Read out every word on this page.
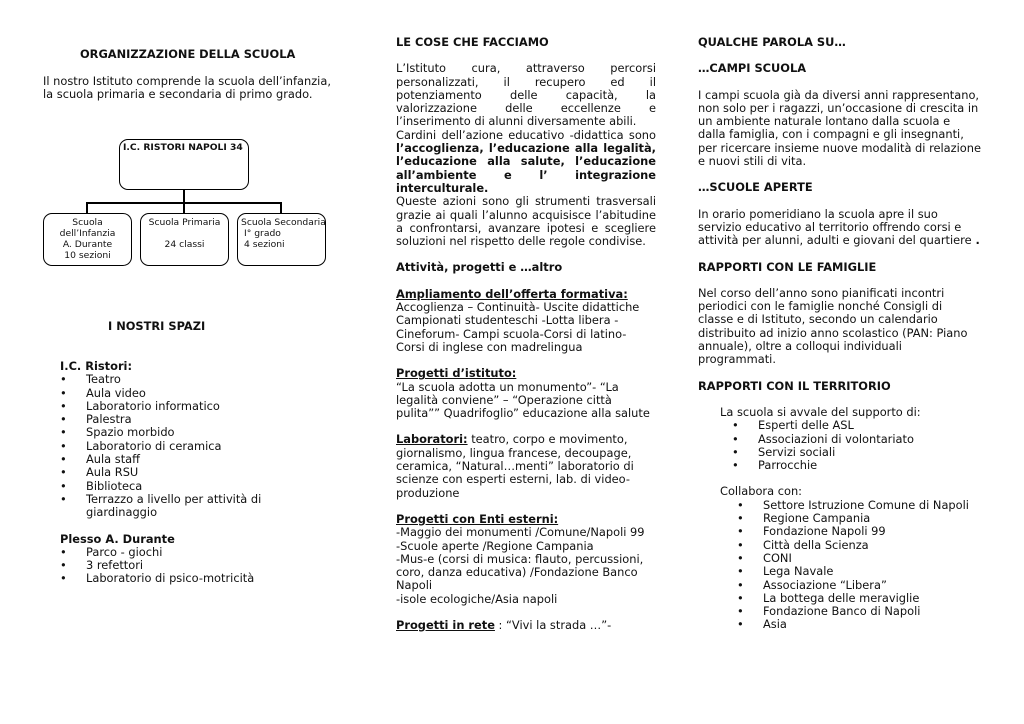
ORGANIZZAZIONE DELLA SCUOLA

Il nostro Istituto comprende la scuola dell’infanzia, la scuola primaria e secondaria di primo grado.

I.C. RISTORI NAPOLI 34
Scuola
dell’Infanzia
A. Durante
10 sezioni
Scuola Primaria
24 classi
Scuola Secondaria
I° grado
4 sezioni

I NOSTRI SPAZI

I.C. Ristori:

• Teatro
• Aula video
• Laboratorio informatico
• Palestra
• Spazio morbido
• Laboratorio di ceramica
• Aula staff
• Aula RSU
• Biblioteca
• Terrazzo a livello per attività di giardinaggio

Plesso A. Durante

• Parco - giochi
• 3 refettori
• Laboratorio di psico-motricità

LE COSE CHE FACCIAMO

L’Istituto cura, attraverso percorsi personalizzati, il recupero ed il potenziamento delle capacità, la valorizzazione delle eccellenze e l’inserimento di alunni diversamente abili.

Cardini dell’azione educativo -didattica sono l’accoglienza, l’educazione alla legalità, l’educazione alla salute, l’educazione all’ambiente e l’ integrazione interculturale.

Queste azioni sono gli strumenti trasversali grazie ai quali l’alunno acquisisce l’abitudine a confrontarsi, avanzare ipotesi e scegliere soluzioni nel rispetto delle regole condivise.

Attività, progetti e …altro

Ampliamento dell’offerta formativa:

Accoglienza – Continuità- Uscite didattiche Campionati studenteschi -Lotta libera - Cineforum- Campi scuola-Corsi di latino- Corsi di inglese con madrelingua

Progetti d’istituto:

“La scuola adotta un monumento”- “La legalità conviene” – “Operazione città pulita”” Quadrifoglio” educazione alla salute

Laboratori: teatro, corpo e movimento, giornalismo, lingua francese, decoupage, ceramica, “Natural…menti” laboratorio di scienze con esperti esterni, lab. di video-produzione

Progetti con Enti esterni:

-Maggio dei monumenti /Comune/Napoli 99

-Scuole aperte /Regione Campania

-Mus-e (corsi di musica: flauto, percussioni, coro, danza educativa) /Fondazione Banco Napoli

-isole ecologiche/Asia napoli

Progetti in rete : “Vivi la strada …”-

QUALCHE PAROLA SU…

…CAMPI SCUOLA

I campi scuola già da diversi anni rappresentano, non solo per i ragazzi, un’occasione di crescita in un ambiente naturale lontano dalla scuola e dalla famiglia, con i compagni e gli insegnanti, per ricercare insieme nuove modalità di relazione e nuovi stili di vita.

…SCUOLE APERTE

In orario pomeridiano la scuola apre il suo servizio educativo al territorio offrendo corsi e attività per alunni, adulti e giovani del quartiere .

RAPPORTI CON LE FAMIGLIE

Nel corso dell’anno sono pianificati incontri periodici con le famiglie nonché Consigli di classe e di Istituto, secondo un calendario distribuito ad inizio anno scolastico (PAN: Piano annuale), oltre a colloqui individuali programmati.

RAPPORTI CON IL TERRITORIO

La scuola si avvale del supporto di:

• Esperti delle ASL
• Associazioni di volontariato
• Servizi sociali
• Parrocchie

Collabora con:

• Settore Istruzione Comune di Napoli
• Regione Campania
• Fondazione Napoli 99
• Città della Scienza
• CONI
• Lega Navale
• Associazione “Libera”
• La bottega delle meraviglie
• Fondazione Banco di Napoli
• Asia
